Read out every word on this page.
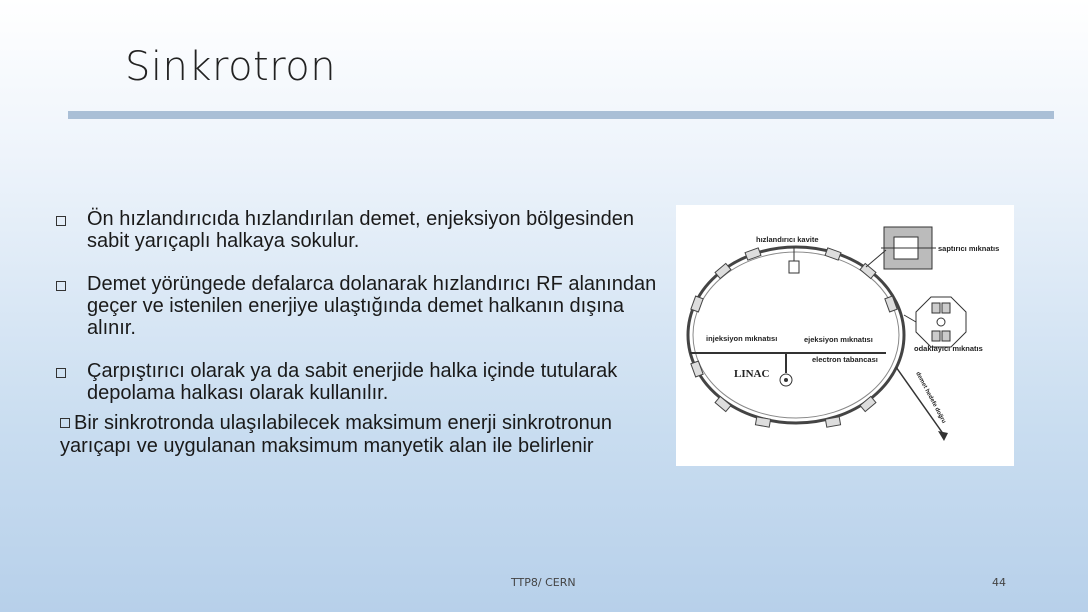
Sinkrotron
Ön hızlandırıcıda hızlandırılan demet, enjeksiyon bölgesinden sabit yarıçaplı halkaya sokulur.
Demet yörüngede defalarca dolanarak hızlandırıcı RF alanından geçer ve istenilen enerjiye ulaştığında demet halkanın dışına alınır.
Çarpıştırıcı olarak ya da sabit enerjide halka içinde tutularak depolama halkası olarak kullanılır.
Bir sinkrotronda ulaşılabilecek maksimum enerji sinkrotronun yarıçapı ve uygulanan maksimum manyetik alan ile belirlenir
hızlandırıcı kavite
saptırıcı mıknatıs
odaklayıcı mıknatıs
injeksiyon mıknatısı	ejeksiyon mıknatısı
electron tabancası
LINAC	demet hedefe doğru
TTP8/ CERN	44
